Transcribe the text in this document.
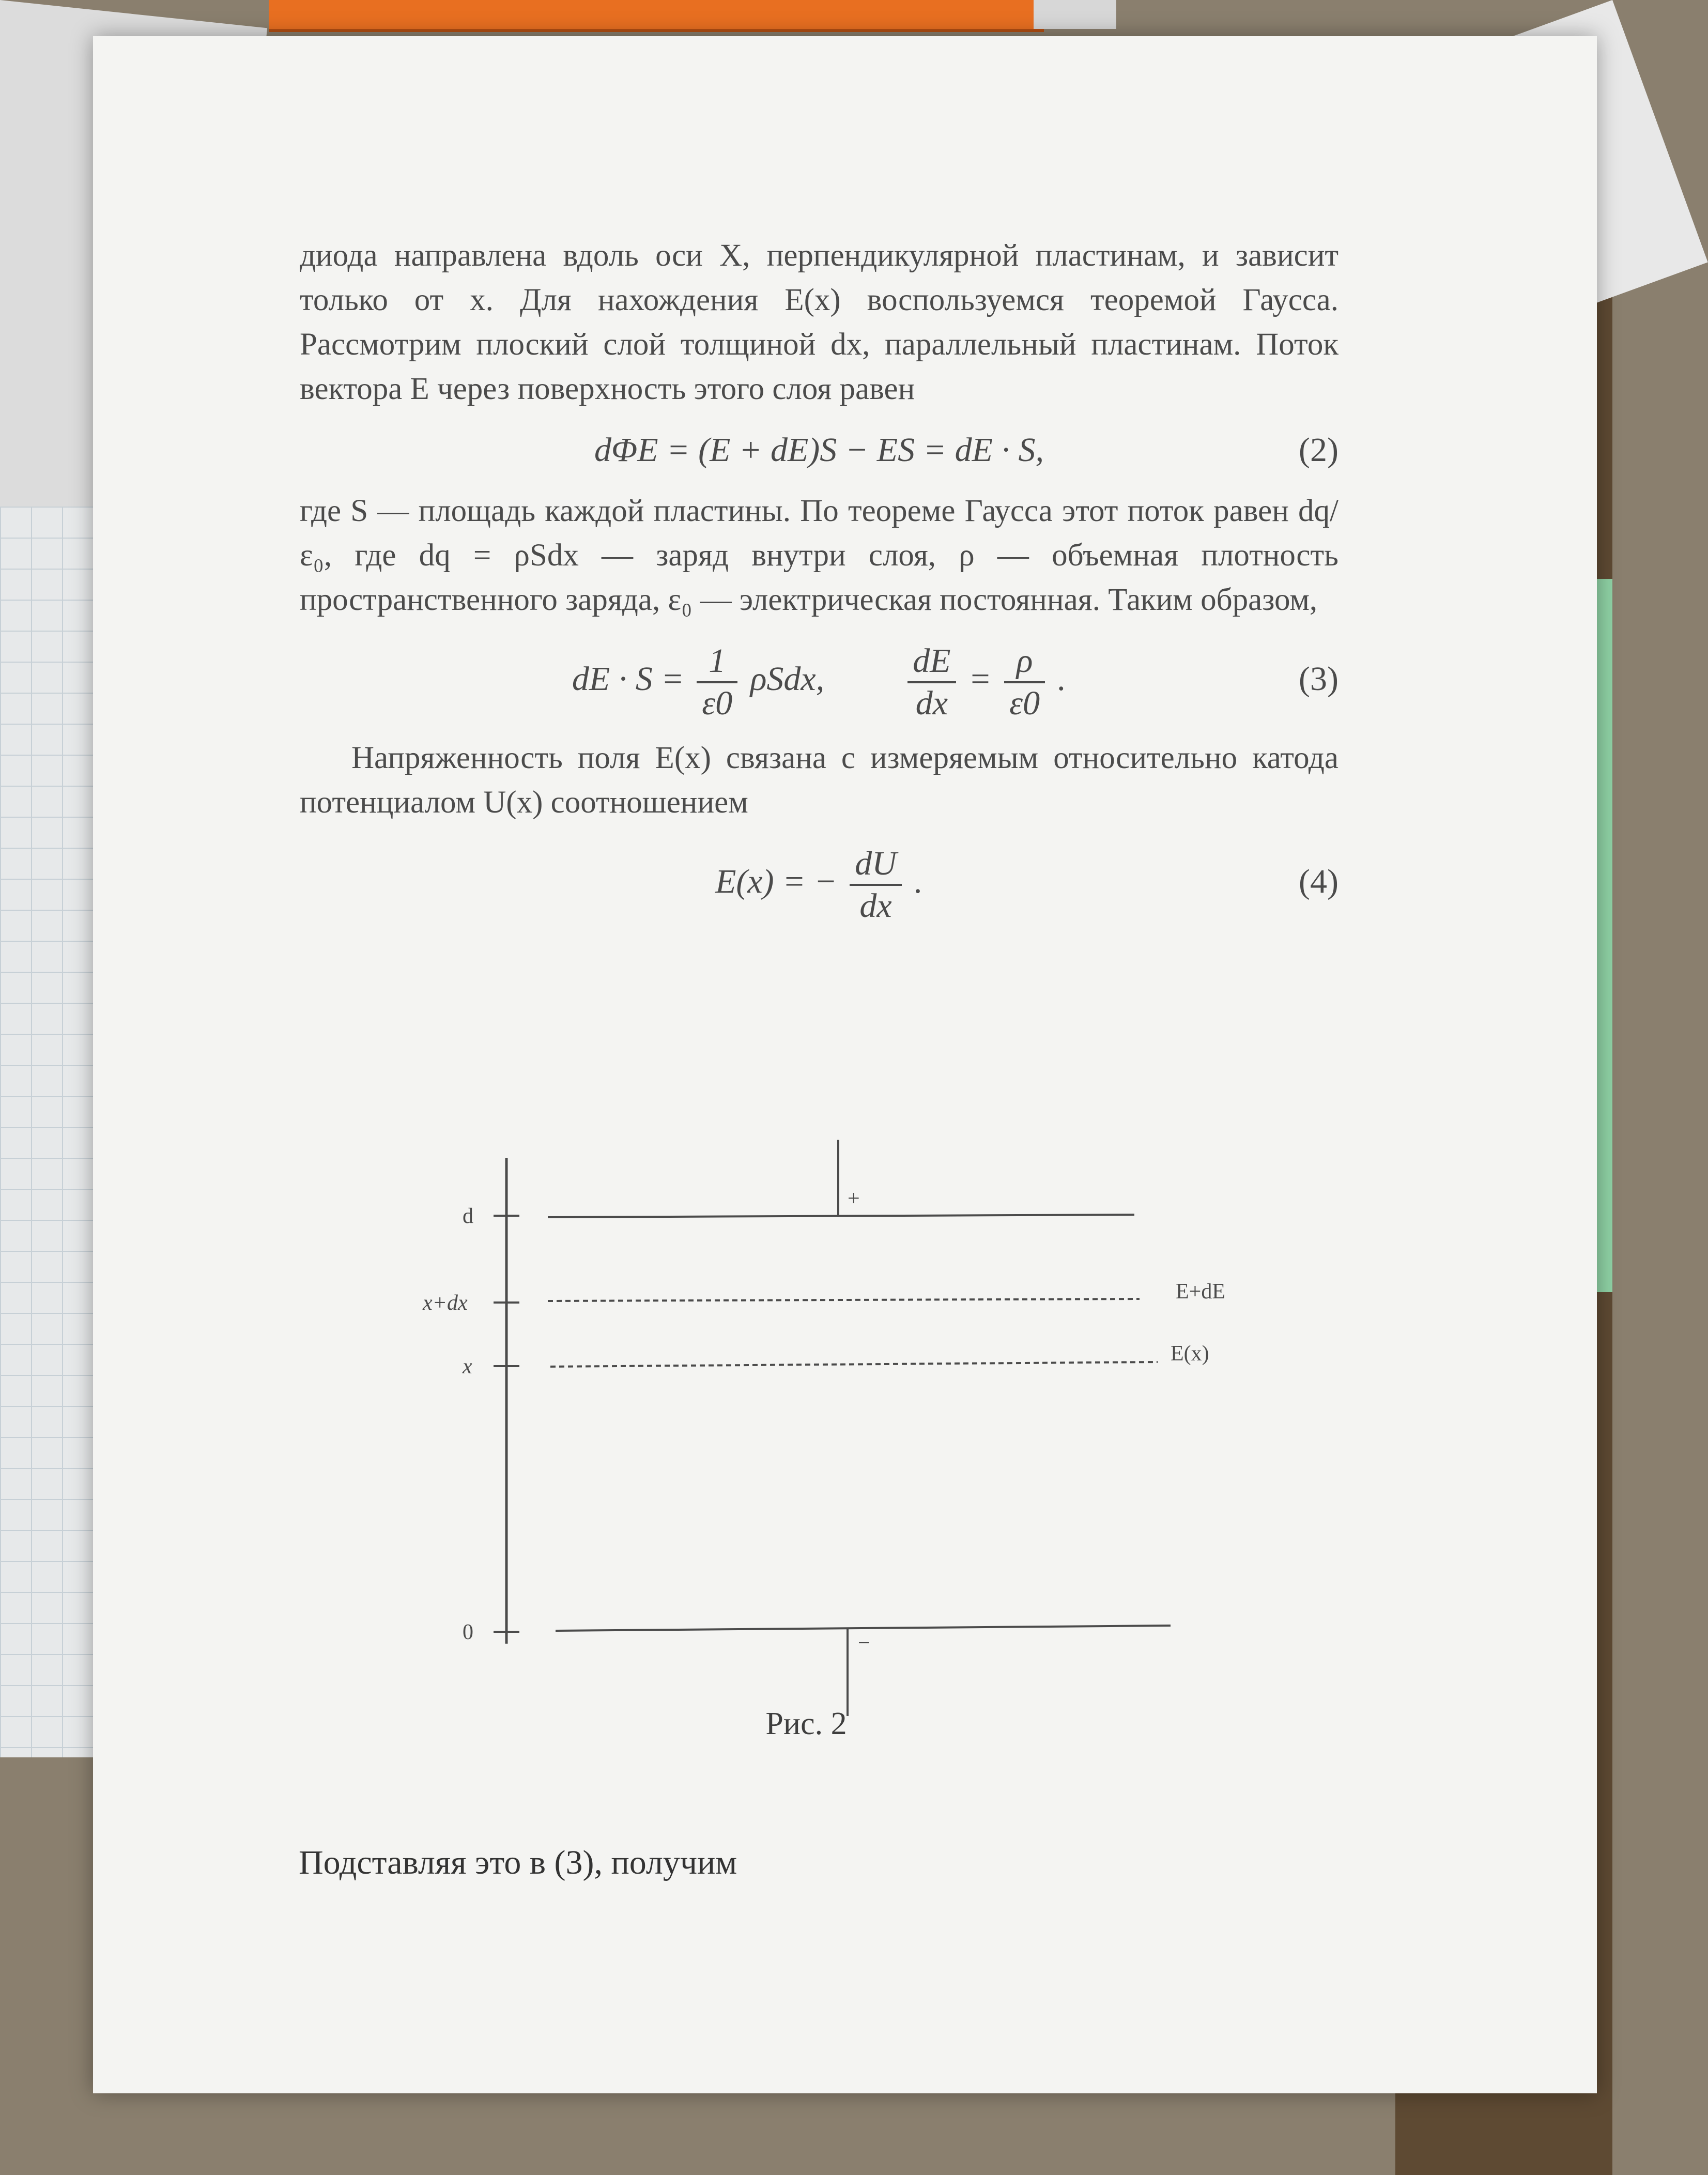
диода направлена вдоль оси X, перпендикулярной пластинам, и зависит только от x. Для нахождения E(x) воспользуемся теоремой Гаусса. Рассмотрим плоский слой толщиной dx, параллельный пластинам. Поток вектора E через поверхность этого слоя равен

dΦE = (E + dE)S − ES = dE · S,	(2)

где S — площадь каждой пластины. По теореме Гаусса этот поток равен dq/ε₀, где dq = ρSdx — заряд внутри слоя, ρ — объемная плотность пространственного заряда, ε₀ — электрическая постоянная. Таким образом,

dE · $S = \frac{1}{\varepsilon 0} \rho Sdx$, $\frac{dE}{dx} = \frac{\rho}{\varepsilon 0}$ .	(3)

Напряженность поля E(x) связана с измеряемым относительно катода потенциалом U(x) соотношением

E(x) = − $\frac{dU}{dx}$ .	(4)
d
x+dx
x
0
+
E+dE
E(x)
−
Рис. 2

Подставляя это в (3), получим
